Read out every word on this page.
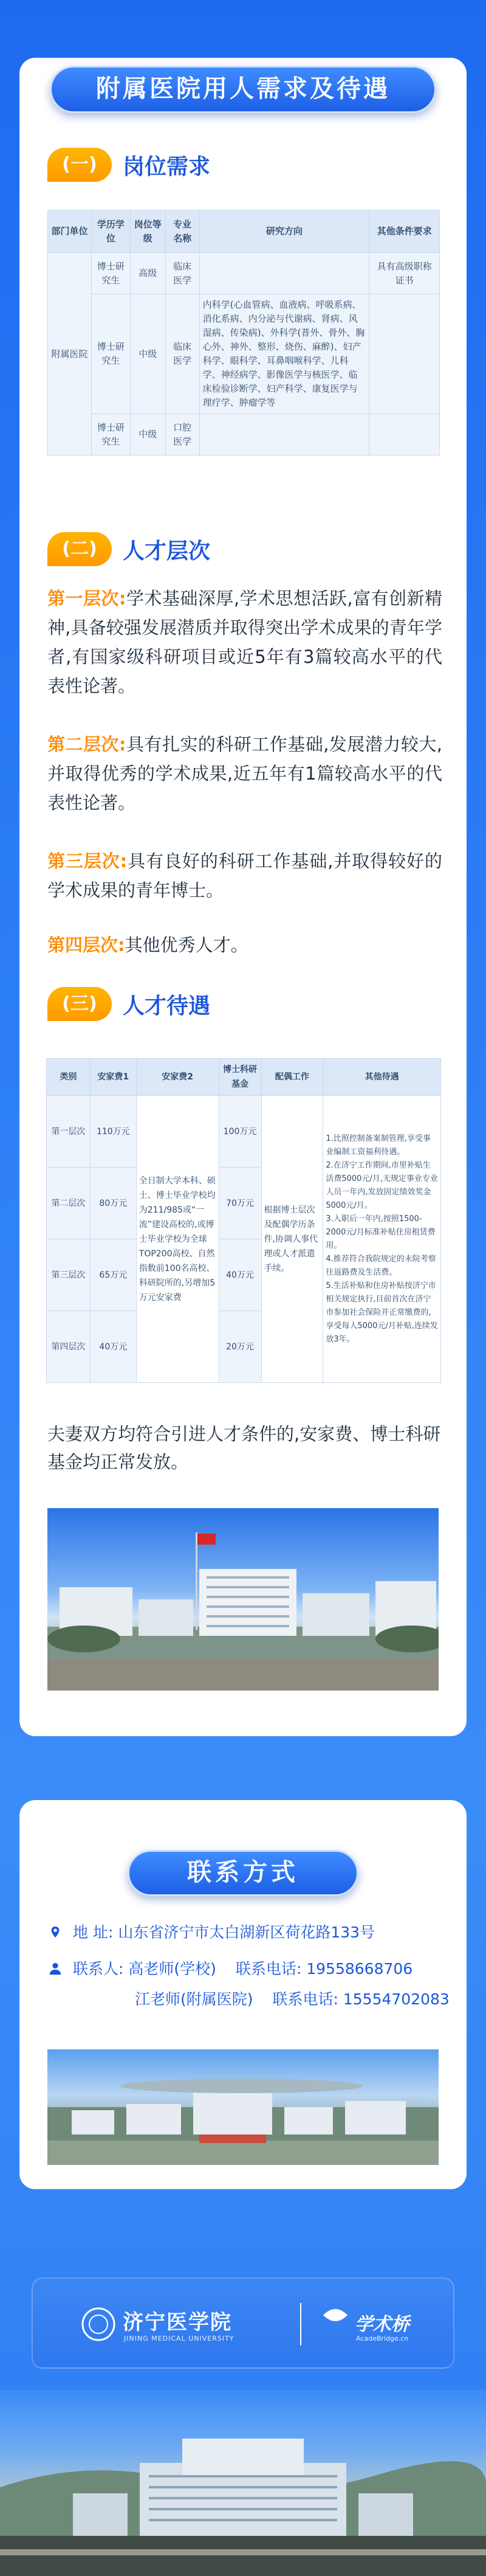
附属医院用人需求及待遇
(一)	岗位需求
部门单位	学历学位	岗位等级	专业名称	研究方向	其他条件要求
附属医院	博士研究生	高级	临床医学		具有高级职称证书
	博士研究生	中级	临床医学	内科学(心血管病、血液病、呼吸系病、消化系病、内分泌与代谢病、肾病、风湿病、传染病)、外科学(普外、骨外、胸心外、神外、整形、烧伤、麻醉)、妇产科学、眼科学、耳鼻咽喉科学、儿科学、神经病学、影像医学与核医学、临床检验诊断学、妇产科学、康复医学与理疗学、肿瘤学等	
	博士研究生	中级	口腔医学		
(二)	人才层次

第一层次:学术基础深厚,学术思想活跃,富有创新精神,具备较强发展潜质并取得突出学术成果的青年学者,有国家级科研项目或近5年有3篇较高水平的代表性论著。

第二层次:具有扎实的科研工作基础,发展潜力较大,并取得优秀的学术成果,近五年有1篇较高水平的代表性论著。

第三层次:具有良好的科研工作基础,并取得较好的学术成果的青年博士。

第四层次:其他优秀人才。

(三)	人才待遇
类别	安家费1	安家费2	博士科研基金	配偶工作	其他待遇
第一层次	110万元	全日制大学本科、硕士、博士毕业学校均为211/985或“一流”建设高校的,或博士毕业学校为全球TOP200高校、自然指数前100名高校、科研院所的,另增加5万元安家费	100万元	根据博士层次及配偶学历条件,协调人事代理或人才派遣手续。	1.比照控制备案制管理,享受事业编制工资福利待遇。
2.在济宁工作期间,市里补贴生活费5000元/月,无规定事业专业人员一年内,发放固定绩效奖金5000元/月。
3.入职后一年内,按照1500-2000元/月标准补贴住房租赁费用。
4.推荐符合我院规定的未院考察往返路费及生活费。
5.生活补贴和住房补贴按济宁市相关规定执行,目前首次在济宁市参加社会保险并正常缴费的,享受每人5000元/月补贴,连续发放3年。
第二层次	80万元		70万元		
第三层次	65万元		40万元		
第四层次	40万元		20万元		

夫妻双方均符合引进人才条件的,安家费、博士科研基金均正常发放。

联系方式
地 址: 山东省济宁市太白湖新区荷花路133号
联系人: 高老师(学校) 联系电话: 19558668706
江老师(附属医院) 联系电话: 15554702083
济宁医学院
JINING MEDICAL UNIVERSITY
学术桥
AcadeBridge.cn
